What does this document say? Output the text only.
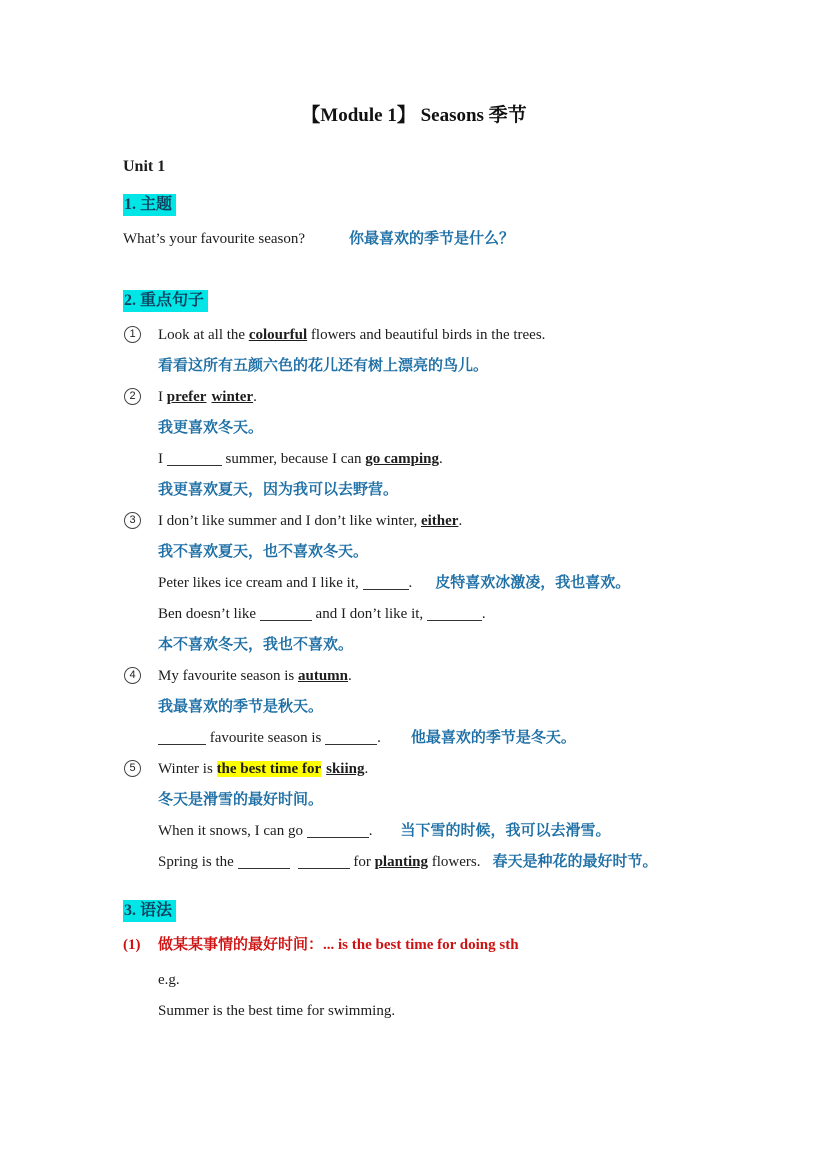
【Module 1】 Seasons 季节
Unit 1
1. 主题
What’s your favourite season?	你最喜欢的季节是什么？
2. 重点句子
1	Look at all the colourful flowers and beautiful birds in the trees.
看看这所有五颜六色的花儿还有树上漂亮的鸟儿。
2	I prefer winter.
我更喜欢冬天。
I	summer, because I can go camping.
我更喜欢夏天，因为我可以去野营。
3	I don’t like summer and I don’t like winter, either.
我不喜欢夏天，也不喜欢冬天。
Peter likes ice cream and I like it,	. 皮特喜欢冰激凌，我也喜欢。
Ben doesn’t like	and I don’t like it,	.
本不喜欢冬天，我也不喜欢。
4	My favourite season is autumn.
我最喜欢的季节是秋天。
favourite season is	. 他最喜欢的季节是冬天。
5	Winter is the best time for skiing.
冬天是滑雪的最好时间。
When it snows, I can go	. 当下雪的时候，我可以去滑雪。
Spring is the	for planting flowers. 春天是种花的最好时节。
3. 语法
(1) 做某某事情的最好时间：... is the best time for doing sth
e.g.
Summer is the best time for swimming.
